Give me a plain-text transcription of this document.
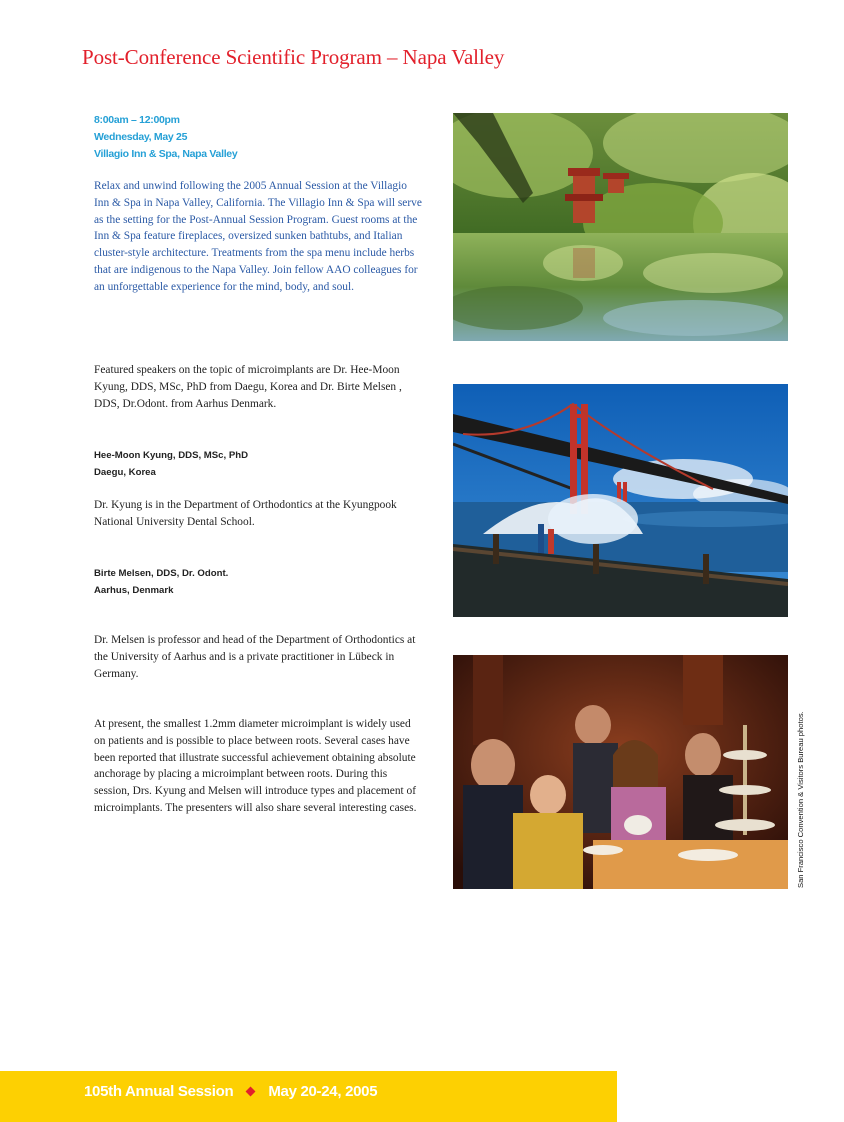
Post-Conference Scientific Program – Napa Valley
8:00am – 12:00pm
Wednesday, May 25
Villagio Inn & Spa, Napa Valley
Relax and unwind following the 2005 Annual Session at the Villagio Inn & Spa in Napa Valley, California. The Villagio Inn & Spa will serve as the setting for the Post-Annual Session Program. Guest rooms at the Inn & Spa feature fireplaces, oversized sunken bathtubs, and Italian cluster-style architecture. Treatments from the spa menu include herbs that are indigenous to the Napa Valley. Join fellow AAO colleagues for an unforgettable experience for the mind, body, and soul.
Featured speakers on the topic of microimplants are Dr. Hee-Moon Kyung, DDS, MSc, PhD from Daegu, Korea and Dr. Birte Melsen , DDS, Dr.Odont. from Aarhus Denmark.
Hee-Moon Kyung, DDS, MSc, PhD
Daegu, Korea
Dr. Kyung is in the Department of Orthodontics at the Kyungpook National University Dental School.
Birte Melsen, DDS, Dr. Odont.
Aarhus, Denmark
Dr. Melsen is professor and head of the Department of Orthodontics at the University of Aarhus and is a private practitioner in Lübeck in Germany.
At present, the smallest 1.2mm diameter microimplant is widely used on patients and is possible to place between roots. Several cases have been reported that illustrate successful achievement obtaining absolute anchorage by placing a microimplant between roots. During this session, Drs. Kyung and Melsen will introduce types and placement of microimplants. The presenters will also share several interesting cases.	San Francisco Convention & Visitors Bureau photos.
105th Annual Session May 20-24, 2005
